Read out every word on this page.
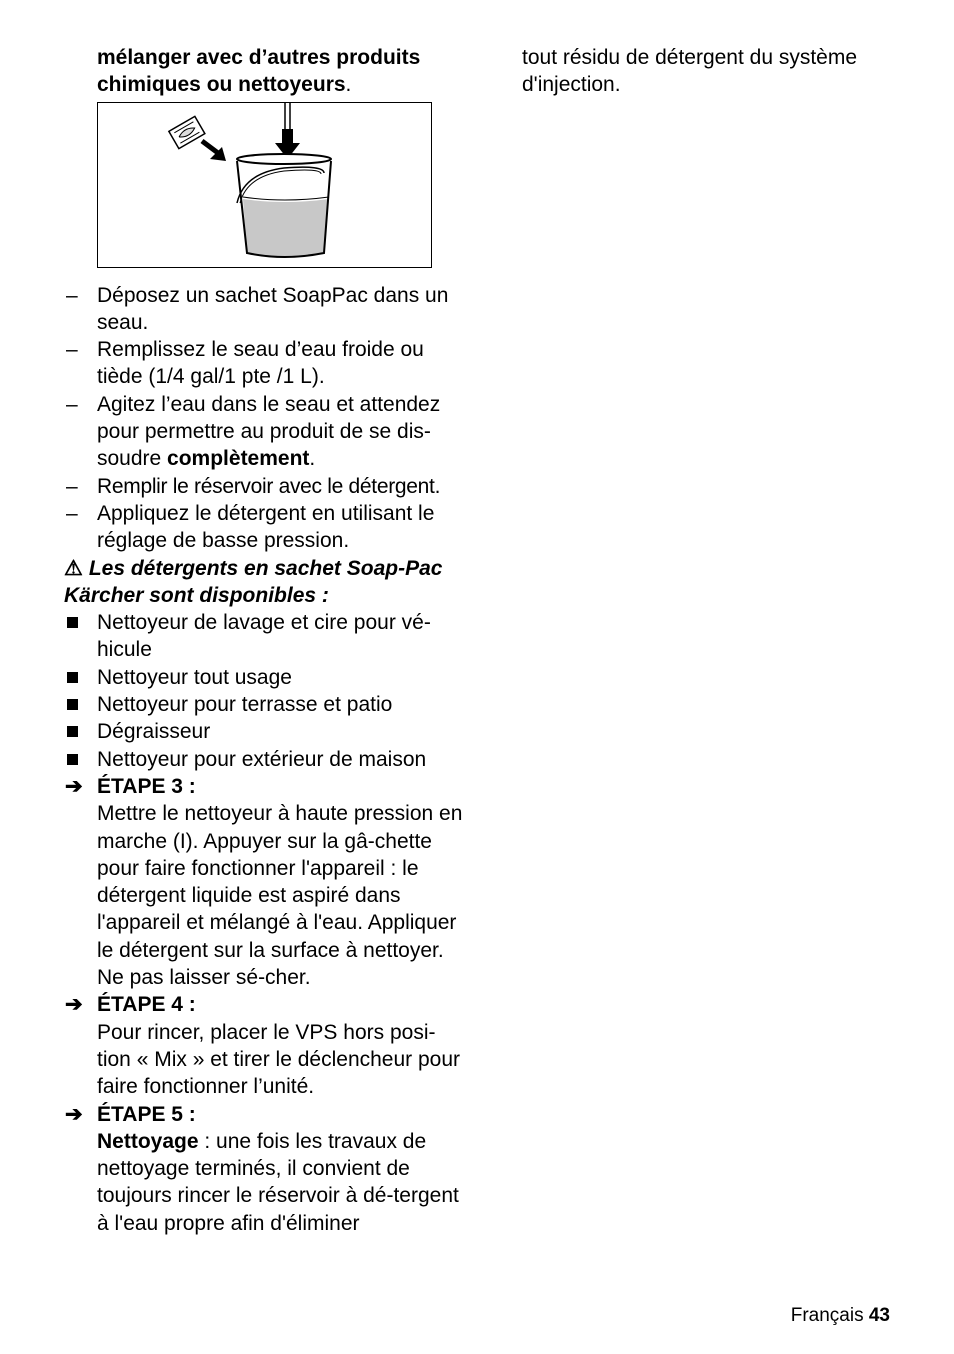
mélanger avec d’autres produits chimiques ou nettoyeurs.
– Déposez un sachet SoapPac dans un seau.
– Remplissez le seau d’eau froide ou tiède (1/4 gal/1 pte /1 L).
– Agitez l’eau dans le seau et attendez pour permettre au produit de se dis-soudre complètement.
– Remplir le réservoir avec le détergent.
– Appliquez le détergent en utilisant le réglage de basse pression.
⚠ Les détergents en sachet Soap-Pac Kärcher sont disponibles :
Nettoyeur de lavage et cire pour vé-hicule
Nettoyeur tout usage
Nettoyeur pour terrasse et patio
Dégraisseur
Nettoyeur pour extérieur de maison
➔ ÉTAPE 3 :
Mettre le nettoyeur à haute pression en marche (I). Appuyer sur la gâ-chette pour faire fonctionner l'appareil : le détergent liquide est aspiré dans l'appareil et mélangé à l'eau. Appliquer le détergent sur la surface à nettoyer. Ne pas laisser sé-cher.
➔ ÉTAPE 4 :
Pour rincer, placer le VPS hors posi-tion « Mix » et tirer le déclencheur pour faire fonctionner l’unité.
➔ ÉTAPE 5 :
Nettoyage : une fois les travaux de nettoyage terminés, il convient de toujours rincer le réservoir à dé-tergent à l'eau propre afin d'éliminer
tout résidu de détergent du système d'injection.
Français 43
